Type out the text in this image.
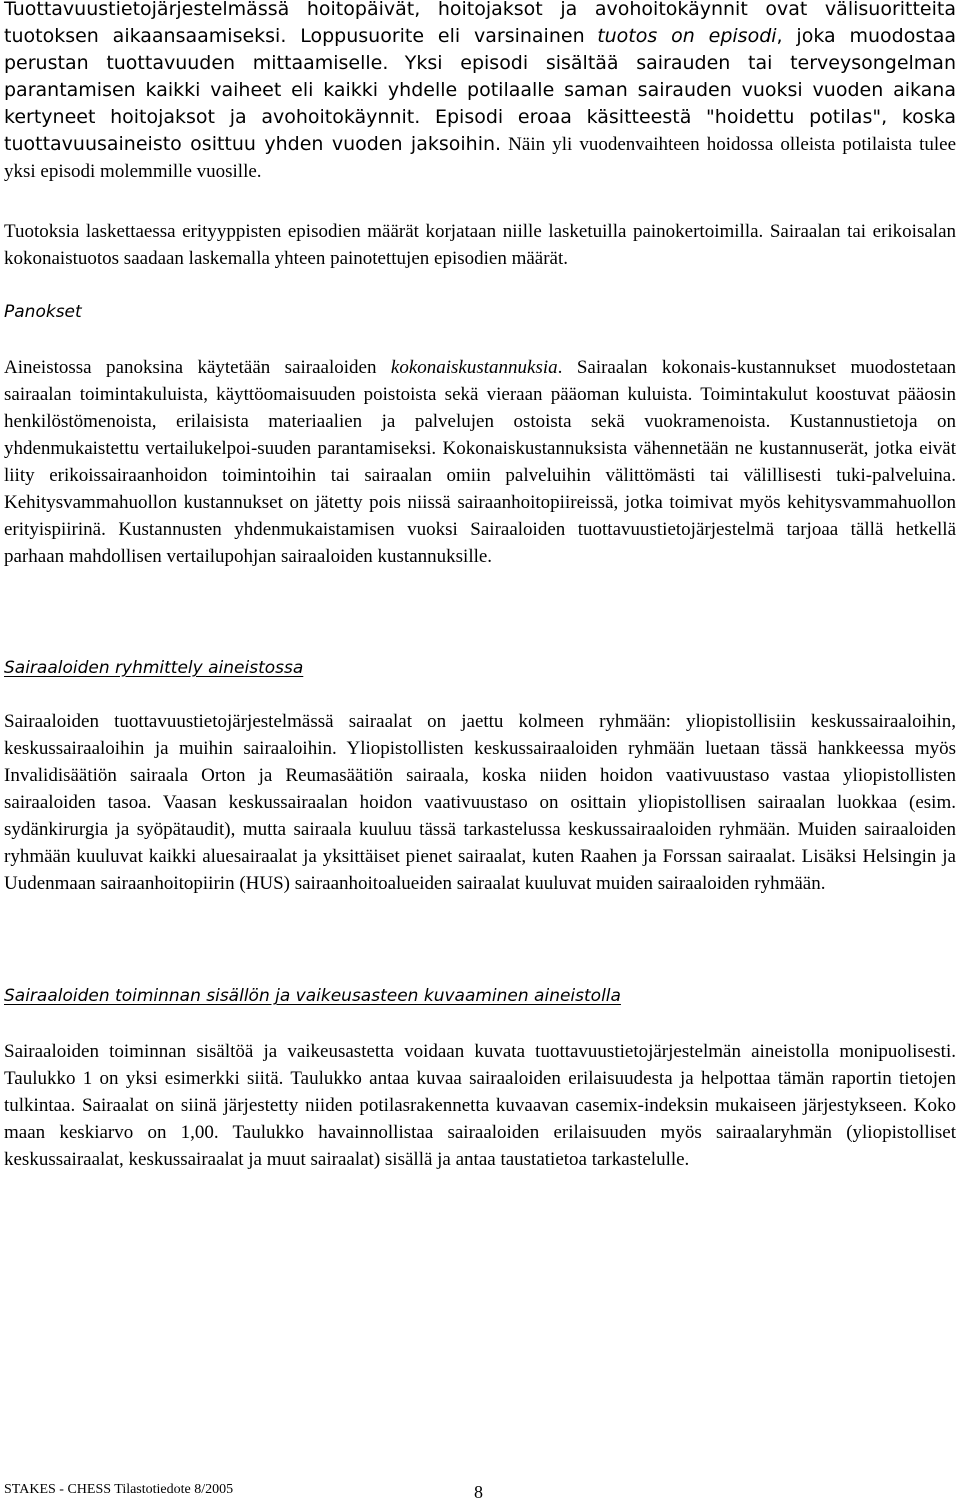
Tuottavuustietojärjestelmässä hoitopäivät, hoitojaksot ja avohoitokäynnit ovat välisuoritteita tuotoksen aikaansaamiseksi. Loppusuorite eli varsinainen tuotos on episodi, joka muodostaa perustan tuottavuuden mittaamiselle. Yksi episodi sisältää sairauden tai terveysongelman parantamisen kaikki vaiheet eli kaikki yhdelle potilaalle saman sairauden vuoksi vuoden aikana kertyneet hoitojaksot ja avohoitokäynnit. Episodi eroaa käsitteestä "hoidettu potilas", koska tuottavuusaineisto osittuu yhden vuoden jaksoihin. Näin yli vuodenvaihteen hoidossa olleista potilaista tulee yksi episodi molemmille vuosille.

Tuotoksia laskettaessa erityyppisten episodien määrät korjataan niille lasketuilla painokertoimilla. Sairaalan tai erikoisalan kokonaistuotos saadaan laskemalla yhteen painotettujen episodien määrät.

Panokset

Aineistossa panoksina käytetään sairaaloiden kokonaiskustannuksia. Sairaalan kokonais-kustannukset muodostetaan sairaalan toimintakuluista, käyttöomaisuuden poistoista sekä vieraan pääoman kuluista. Toimintakulut koostuvat pääosin henkilöstömenoista, erilaisista materiaalien ja palvelujen ostoista sekä vuokramenoista. Kustannustietoja on yhdenmukaistettu vertailukelpoi-suuden parantamiseksi. Kokonaiskustannuksista vähennetään ne kustannuserät, jotka eivät liity erikoissairaanhoidon toimintoihin tai sairaalan omiin palveluihin välittömästi tai välillisesti tuki-palveluina. Kehitysvammahuollon kustannukset on jätetty pois niissä sairaanhoitopiireissä, jotka toimivat myös kehitysvammahuollon erityispiirinä. Kustannusten yhdenmukaistamisen vuoksi Sairaaloiden tuottavuustietojärjestelmä tarjoaa tällä hetkellä parhaan mahdollisen vertailupohjan sairaaloiden kustannuksille.

Sairaaloiden ryhmittely aineistossa

Sairaaloiden tuottavuustietojärjestelmässä sairaalat on jaettu kolmeen ryhmään: yliopistollisiin keskussairaaloihin, keskussairaaloihin ja muihin sairaaloihin. Yliopistollisten keskussairaaloiden ryhmään luetaan tässä hankkeessa myös Invalidisäätiön sairaala Orton ja Reumasäätiön sairaala, koska niiden hoidon vaativuustaso vastaa yliopistollisten sairaaloiden tasoa. Vaasan keskussairaalan hoidon vaativuustaso on osittain yliopistollisen sairaalan luokkaa (esim. sydänkirurgia ja syöpätaudit), mutta sairaala kuuluu tässä tarkastelussa keskussairaaloiden ryhmään. Muiden sairaaloiden ryhmään kuuluvat kaikki aluesairaalat ja yksittäiset pienet sairaalat, kuten Raahen ja Forssan sairaalat. Lisäksi Helsingin ja Uudenmaan sairaanhoitopiirin (HUS) sairaanhoitoalueiden sairaalat kuuluvat muiden sairaaloiden ryhmään.

Sairaaloiden toiminnan sisällön ja vaikeusasteen kuvaaminen aineistolla

Sairaaloiden toiminnan sisältöä ja vaikeusastetta voidaan kuvata tuottavuustietojärjestelmän aineistolla monipuolisesti. Taulukko 1 on yksi esimerkki siitä. Taulukko antaa kuvaa sairaaloiden erilaisuudesta ja helpottaa tämän raportin tietojen tulkintaa. Sairaalat on siinä järjestetty niiden potilasrakennetta kuvaavan casemix-indeksin mukaiseen järjestykseen. Koko maan keskiarvo on 1,00. Taulukko havainnollistaa sairaaloiden erilaisuuden myös sairaalaryhmän (yliopistolliset keskussairaalat, keskussairaalat ja muut sairaalat) sisällä ja antaa taustatietoa tarkastelulle.

STAKES - CHESS Tilastotiedote 8/2005	8
